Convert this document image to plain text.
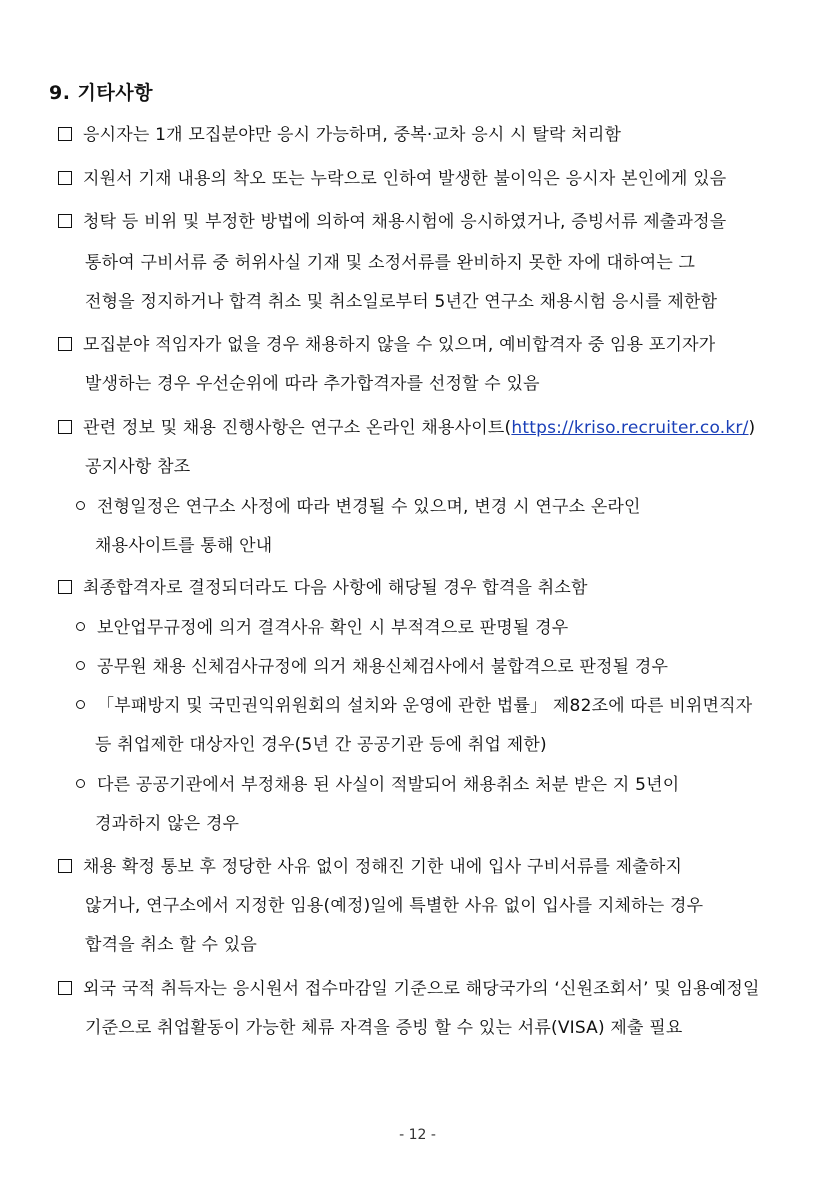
9. 기타사항
응시자는 1개 모집분야만 응시 가능하며, 중복·교차 응시 시 탈락 처리함
지원서 기재 내용의 착오 또는 누락으로 인하여 발생한 불이익은 응시자 본인에게 있음
청탁 등 비위 및 부정한 방법에 의하여 채용시험에 응시하였거나, 증빙서류 제출과정을
통하여 구비서류 중 허위사실 기재 및 소정서류를 완비하지 못한 자에 대하여는 그
전형을 정지하거나 합격 취소 및 취소일로부터 5년간 연구소 채용시험 응시를 제한함
모집분야 적임자가 없을 경우 채용하지 않을 수 있으며, 예비합격자 중 임용 포기자가
발생하는 경우 우선순위에 따라 추가합격자를 선정할 수 있음
관련 정보 및 채용 진행사항은 연구소 온라인 채용사이트(https://kriso.recruiter.co.kr/)
공지사항 참조
전형일정은 연구소 사정에 따라 변경될 수 있으며, 변경 시 연구소 온라인
채용사이트를 통해 안내
최종합격자로 결정되더라도 다음 사항에 해당될 경우 합격을 취소함
보안업무규정에 의거 결격사유 확인 시 부적격으로 판명될 경우
공무원 채용 신체검사규정에 의거 채용신체검사에서 불합격으로 판정될 경우
「부패방지 및 국민권익위원회의 설치와 운영에 관한 법률」 제82조에 따른 비위면직자
등 취업제한 대상자인 경우(5년 간 공공기관 등에 취업 제한)
다른 공공기관에서 부정채용 된 사실이 적발되어 채용취소 처분 받은 지 5년이
경과하지 않은 경우
채용 확정 통보 후 정당한 사유 없이 정해진 기한 내에 입사 구비서류를 제출하지
않거나, 연구소에서 지정한 임용(예정)일에 특별한 사유 없이 입사를 지체하는 경우
합격을 취소 할 수 있음
외국 국적 취득자는 응시원서 접수마감일 기준으로 해당국가의 ‘신원조회서’ 및 임용예정일
기준으로 취업활동이 가능한 체류 자격을 증빙 할 수 있는 서류(VISA) 제출 필요
- 12 -
